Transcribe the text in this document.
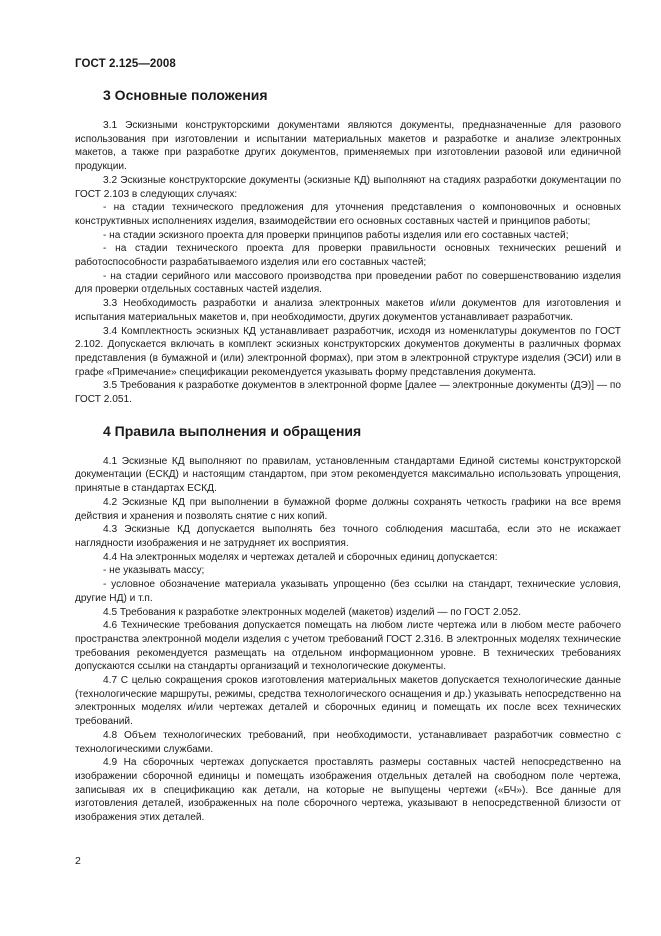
ГОСТ 2.125—2008
3 Основные положения

3.1 Эскизными конструкторскими документами являются документы, предназначенные для разового использования при изготовлении и испытании материальных макетов и разработке и анализе электронных макетов, а также при разработке других документов, применяемых при изготовлении разовой или единичной продукции.

3.2 Эскизные конструкторские документы (эскизные КД) выполняют на стадиях разработки документации по ГОСТ 2.103 в следующих случаях:

- на стадии технического предложения для уточнения представления о компоновочных и основных конструктивных исполнениях изделия, взаимодействии его основных составных частей и принципов работы;

- на стадии эскизного проекта для проверки принципов работы изделия или его составных частей;

- на стадии технического проекта для проверки правильности основных технических решений и работоспособности разрабатываемого изделия или его составных частей;

- на стадии серийного или массового производства при проведении работ по совершенствованию изделия для проверки отдельных составных частей изделия.

3.3 Необходимость разработки и анализа электронных макетов и/или документов для изготовления и испытания материальных макетов и, при необходимости, других документов устанавливает разработчик.

3.4 Комплектность эскизных КД устанавливает разработчик, исходя из номенклатуры документов по ГОСТ 2.102. Допускается включать в комплект эскизных конструкторских документов документы в различных формах представления (в бумажной и (или) электронной формах), при этом в электронной структуре изделия (ЭСИ) или в графе «Примечание» спецификации рекомендуется указывать форму представления документа.

3.5 Требования к разработке документов в электронной форме [далее — электронные документы (ДЭ)] — по ГОСТ 2.051.

4 Правила выполнения и обращения

4.1 Эскизные КД выполняют по правилам, установленным стандартами Единой системы конструкторской документации (ЕСКД) и настоящим стандартом, при этом рекомендуется максимально использовать упрощения, принятые в стандартах ЕСКД.

4.2 Эскизные КД при выполнении в бумажной форме должны сохранять четкость графики на все время действия и хранения и позволять снятие с них копий.

4.3 Эскизные КД допускается выполнять без точного соблюдения масштаба, если это не искажает наглядности изображения и не затрудняет их восприятия.

4.4 На электронных моделях и чертежах деталей и сборочных единиц допускается:

- не указывать массу;

- условное обозначение материала указывать упрощенно (без ссылки на стандарт, технические условия, другие НД) и т.п.

4.5 Требования к разработке электронных моделей (макетов) изделий — по ГОСТ 2.052.

4.6 Технические требования допускается помещать на любом листе чертежа или в любом месте рабочего пространства электронной модели изделия с учетом требований ГОСТ 2.316. В электронных моделях технические требования рекомендуется размещать на отдельном информационном уровне. В технических требованиях допускаются ссылки на стандарты организаций и технологические документы.

4.7 С целью сокращения сроков изготовления материальных макетов допускается технологические данные (технологические маршруты, режимы, средства технологического оснащения и др.) указывать непосредственно на электронных моделях и/или чертежах деталей и сборочных единиц и помещать их после всех технических требований.

4.8 Объем технологических требований, при необходимости, устанавливает разработчик совместно с технологическими службами.

4.9 На сборочных чертежах допускается проставлять размеры составных частей непосредственно на изображении сборочной единицы и помещать изображения отдельных деталей на свободном поле чертежа, записывая их в спецификацию как детали, на которые не выпущены чертежи («БЧ»). Все данные для изготовления деталей, изображенных на поле сборочного чертежа, указывают в непосредственной близости от изображения этих деталей.

2
